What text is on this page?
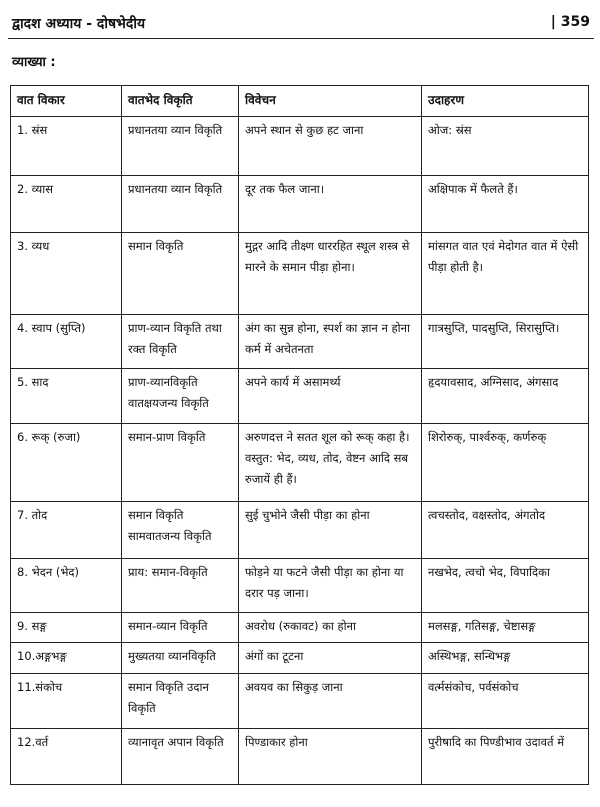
द्वादश अध्याय - दोषभेदीय	| 359
व्याख्या :
वात विकार	वातभेद विकृति	विवेचन	उदाहरण
1. स्रंस	प्रधानतया व्यान विकृति	अपने स्थान से कुछ हट जाना	ओज: स्रंस
2. व्यास	प्रधानतया व्यान विकृति	दूर तक फैल जाना।	अक्षिपाक में फैलते हैं।
3. व्यध	समान विकृति	मुद्गर आदि तीक्ष्ण धाररहित स्थूल शस्त्र से मारने के समान पीड़ा होना।	मांसगत वात एवं मेदोगत वात में ऐसी पीड़ा होती है।
4. स्वाप (सुप्ति)	प्राण-व्यान विकृति तथा रक्त विकृति	अंग का सुन्न होना, स्पर्श का ज्ञान न होना कर्म में अचेतनता	गात्रसुप्ति, पादसुप्ति, सिरासुप्ति।
5. साद	प्राण-व्यानविकृति वातक्षयजन्य विकृति	अपने कार्य में असामर्थ्य	हृदयावसाद, अग्निसाद, अंगसाद
6. रूक् (रुजा)	समान-प्राण विकृति	अरुणदत्त ने सतत शूल को रूक् कहा है। वस्तुत: भेद, व्यध, तोद, वेष्टन आदि सब रुजायें ही हैं।	शिरोरुक्, पार्श्वरुक्, कर्णरुक्
7. तोद	समान विकृति सामवातजन्य विकृति	सुई चुभोने जैसी पीड़ा का होना	त्वचस्तोद, वक्षस्तोद, अंगतोद
8. भेदन (भेद)	प्राय: समान-विकृति	फोड़ने या फटने जैसी पीड़ा का होना या दरार पड़ जाना।	नखभेद, त्वचो भेद, विपादिका
9. सङ्ग	समान-व्यान विकृति	अवरोध (रुकावट) का होना	मलसङ्ग, गतिसङ्ग, चेष्टासङ्ग
10.अङ्गभङ्ग	मुख्यतया व्यानविकृति	अंगों का टूटना	अस्थिभङ्ग, सन्धिभङ्ग
11.संकोच	समान विकृति उदान विकृति	अवयव का सिकुड़ जाना	वर्त्मसंकोच, पर्वसंकोच
12.वर्त	व्यानावृत अपान विकृति	पिण्डाकार होना	पुरीषादि का पिण्डीभाव उदावर्त में
